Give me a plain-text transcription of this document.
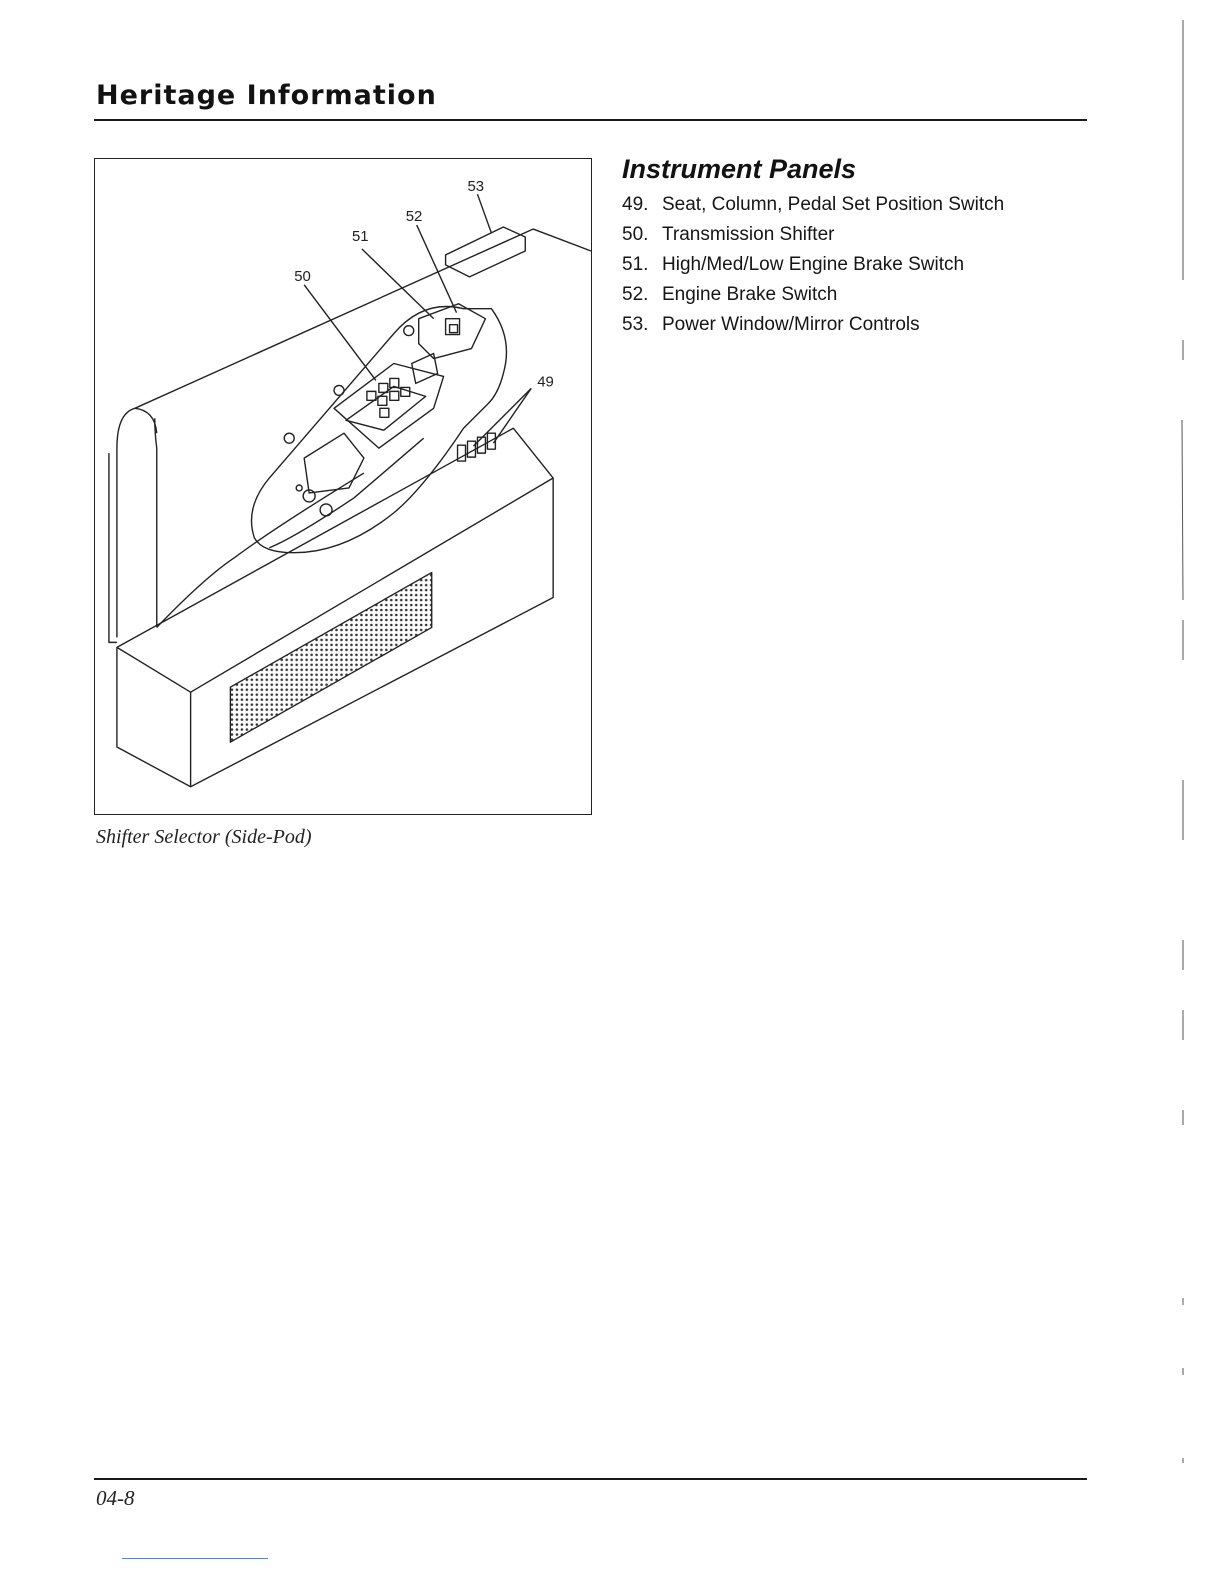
Heritage Information
53
52
51
50
49
Shifter Selector (Side-Pod)
Instrument Panels
49. Seat, Column, Pedal Set Position Switch
50. Transmission Shifter
51. High/Med/Low Engine Brake Switch
52. Engine Brake Switch
53. Power Window/Mirror Controls
04-8
